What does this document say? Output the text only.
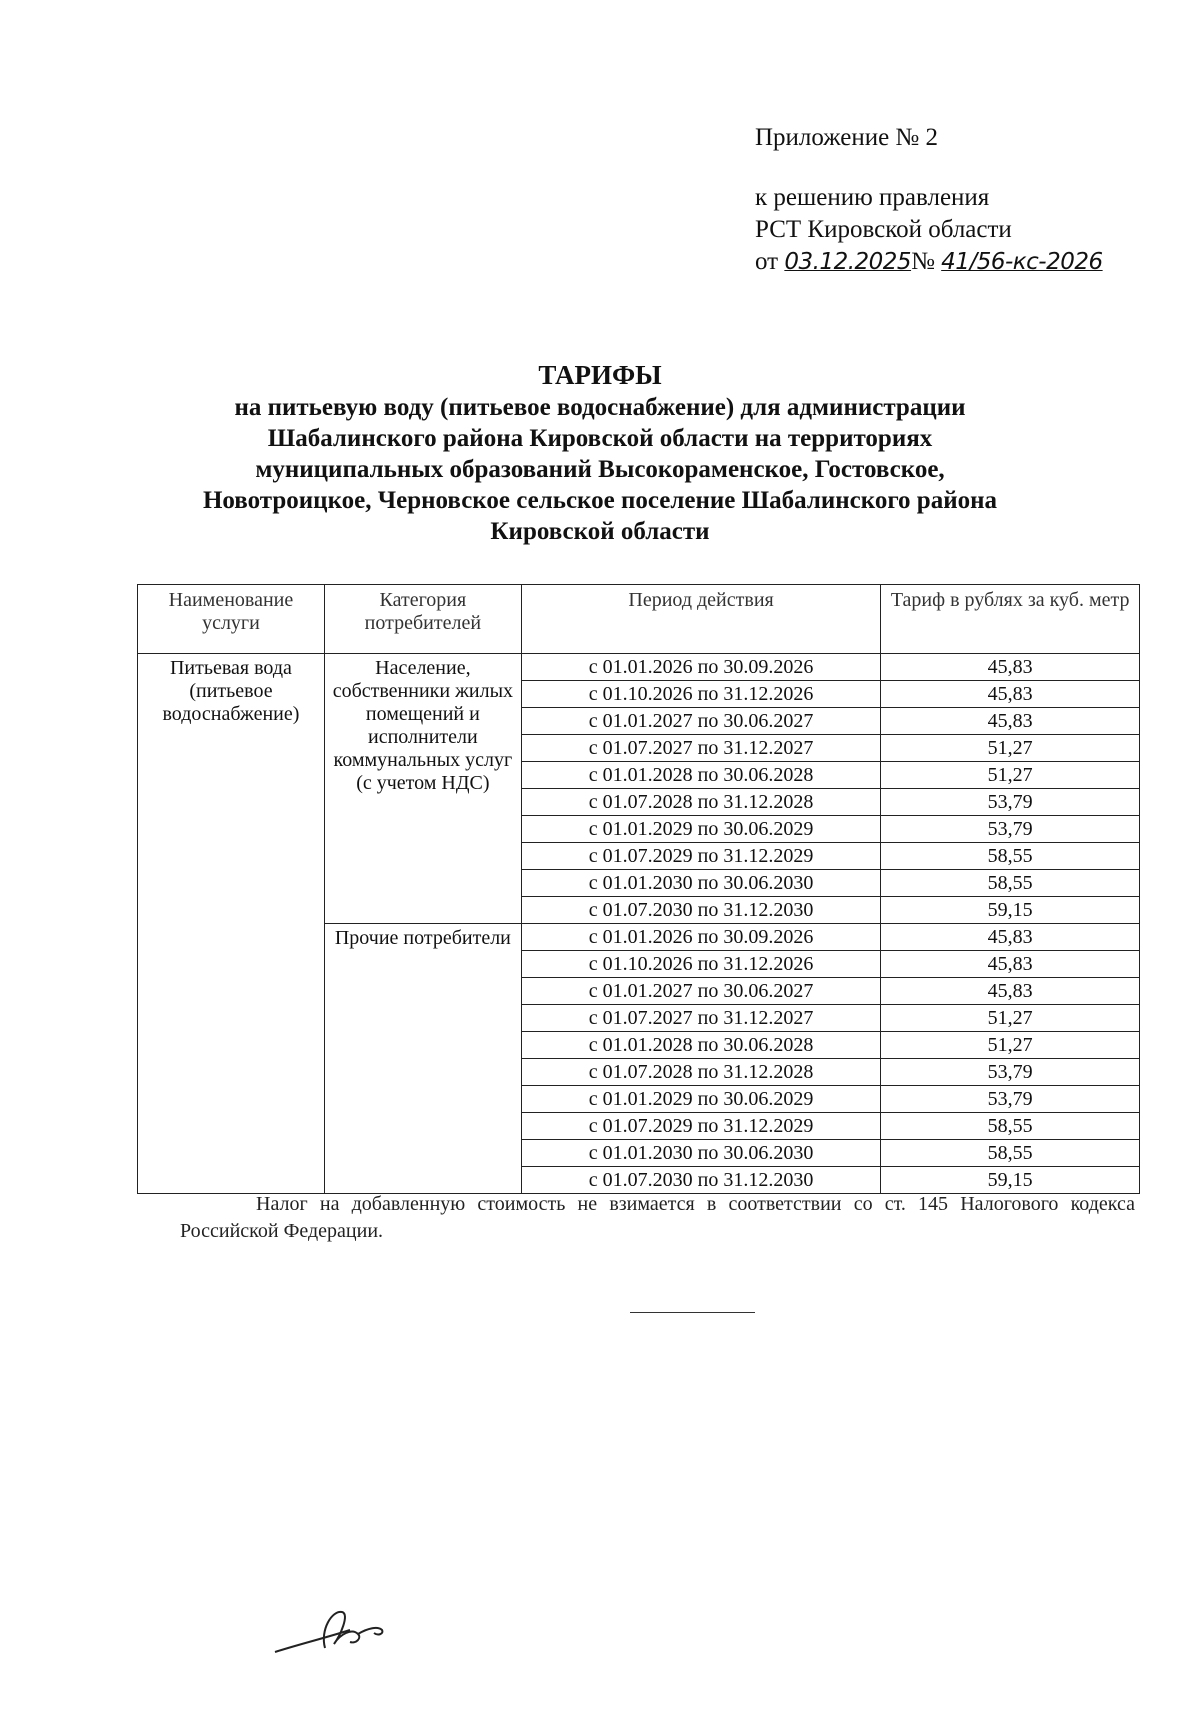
Приложение № 2
к решению правления
РСТ Кировской области
от 03.12.2025№ 41/56-кс-2026
ТАРИФЫ
на питьевую воду (питьевое водоснабжение) для администрации
Шабалинского района Кировской области на территориях
муниципальных образований Высокораменское, Гостовское,
Новотроицкое, Черновское сельское поселение Шабалинского района
Кировской области
Наименование услуги	Категория потребителей	Период действия	Тариф в рублях за куб. метр
Питьевая вода (питьевое водоснабжение)	Население, собственники жилых помещений и исполнители коммунальных услуг (с учетом НДС)	с 01.01.2026 по 30.09.2026	45,83
		с 01.10.2026 по 31.12.2026	45,83
		с 01.01.2027 по 30.06.2027	45,83
		с 01.07.2027 по 31.12.2027	51,27
		с 01.01.2028 по 30.06.2028	51,27
		с 01.07.2028 по 31.12.2028	53,79
		с 01.01.2029 по 30.06.2029	53,79
		с 01.07.2029 по 31.12.2029	58,55
		с 01.01.2030 по 30.06.2030	58,55
		с 01.07.2030 по 31.12.2030	59,15
	Прочие потребители	с 01.01.2026 по 30.09.2026	45,83
		с 01.10.2026 по 31.12.2026	45,83
		с 01.01.2027 по 30.06.2027	45,83
		с 01.07.2027 по 31.12.2027	51,27
		с 01.01.2028 по 30.06.2028	51,27
		с 01.07.2028 по 31.12.2028	53,79
		с 01.01.2029 по 30.06.2029	53,79
		с 01.07.2029 по 31.12.2029	58,55
		с 01.01.2030 по 30.06.2030	58,55
		с 01.07.2030 по 31.12.2030	59,15
Налог на добавленную стоимость не взимается в соответствии со ст. 145 Налогового кодекса Российской Федерации.
